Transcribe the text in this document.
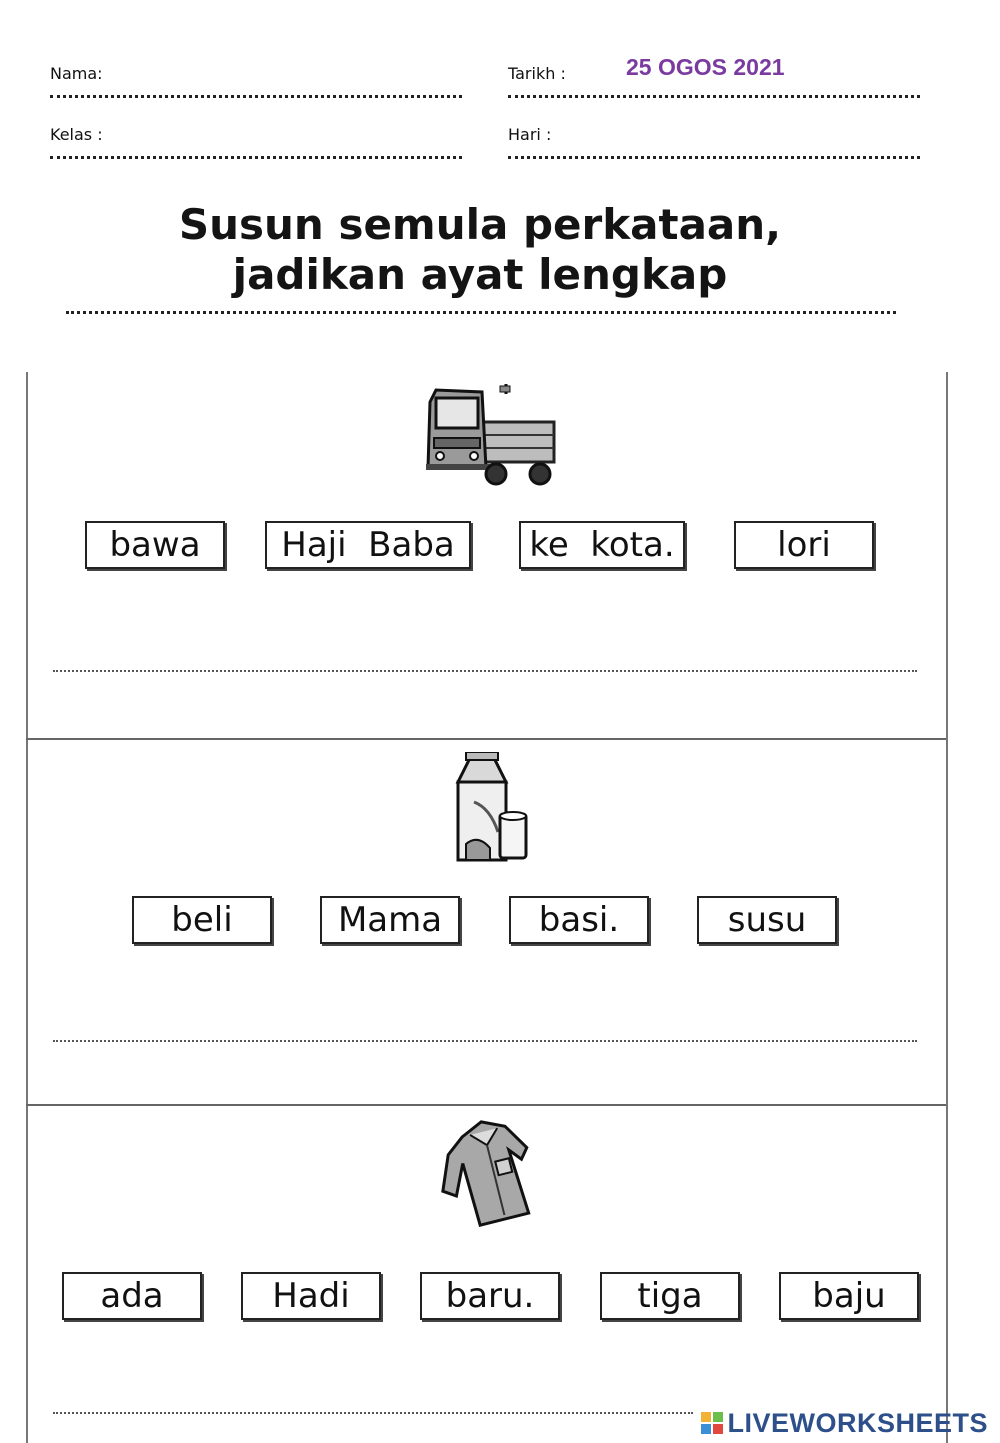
Nama:	Tarikh :	25 OGOS 2021
Kelas :	Hari :
Susun semula perkataan,
jadikan ayat lengkap
bawa	Haji  Baba	ke  kota.	lori
beli	Mama	basi.	susu
ada	Hadi	baru.	tiga	baju
LIVEWORKSHEETS
